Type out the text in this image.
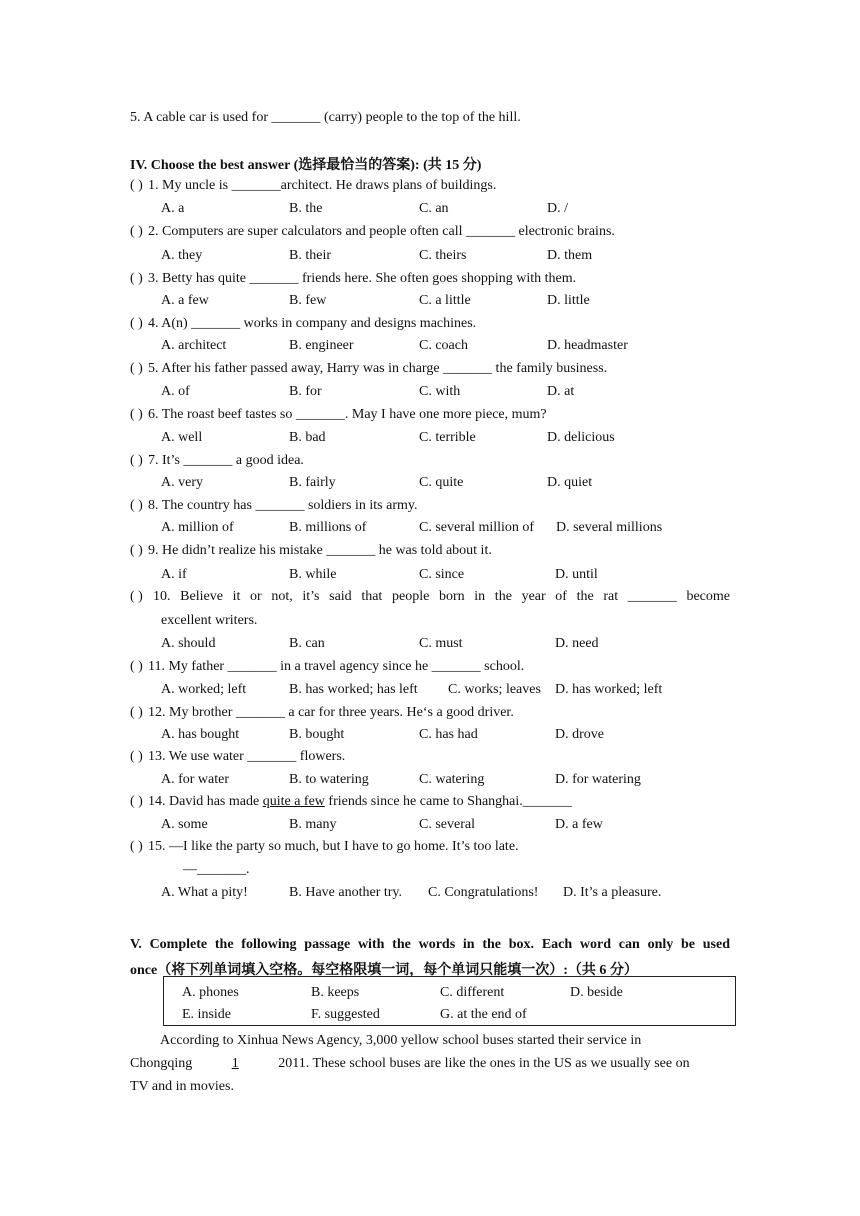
5. A cable car is used for _______ (carry) people to the top of the hill.
IV. Choose the best answer (选择最恰当的答案): (共 15 分)
( ) 1. My uncle is _______architect. He draws plans of buildings.
A. a	B. the	C. an	D. /
( ) 2. Computers are super calculators and people often call _______ electronic brains.
A. they	B. their	C. theirs	D. them
( ) 3. Betty has quite _______ friends here. She often goes shopping with them.
A. a few	B. few	C. a little	D. little
( ) 4. A(n) _______ works in company and designs machines.
A. architect	B. engineer	C. coach	D. headmaster
( ) 5. After his father passed away, Harry was in charge _______ the family business.
A. of	B. for	C. with	D. at
( ) 6. The roast beef tastes so _______. May I have one more piece, mum?
A. well	B. bad	C. terrible	D. delicious
( ) 7. It’s _______ a good idea.
A. very	B. fairly	C. quite	D. quiet
( ) 8. The country has _______ soldiers in its army.
A. million of	B. millions of	C. several million of D. several millions
( ) 9. He didn’t realize his mistake _______ he was told about it.
A. if	B. while	C. since	D. until
( ) 10. Believe it or not, it’s said that people born in the year of the rat _______ become
excellent writers.
A. should	B. can	C. must	D. need
( ) 11. My father _______ in a travel agency since he _______ school.
A. worked; left	B. has worked; has left C. works; leaves D. has worked; left
( ) 12. My brother _______ a car for three years. He‘s a good driver.
A. has bought	B. bought	C. has had	D. drove
( ) 13. We use water _______ flowers.
A. for water	B. to watering	C. watering	D. for watering
( ) 14. David has made quite a few friends since he came to Shanghai._______
A. some	B. many	C. several	D. a few
( ) 15. —I like the party so much, but I have to go home. It’s too late.
—_______.
A. What a pity!	B. Have another try. C. Congratulations! D. It’s a pleasure.
V. Complete the following passage with the words in the box. Each word can only be used
once（将下列单词填入空格。每空格限填一词，每个单词只能填一次）:（共 6 分）
A. phones	B. keeps	C. different	D. beside
E. inside	F. suggested	G. at the end of
According to Xinhua News Agency, 3,000 yellow school buses started their service in
Chongqing	1	2011. These school buses are like the ones in the US as we usually see on
TV and in movies.
